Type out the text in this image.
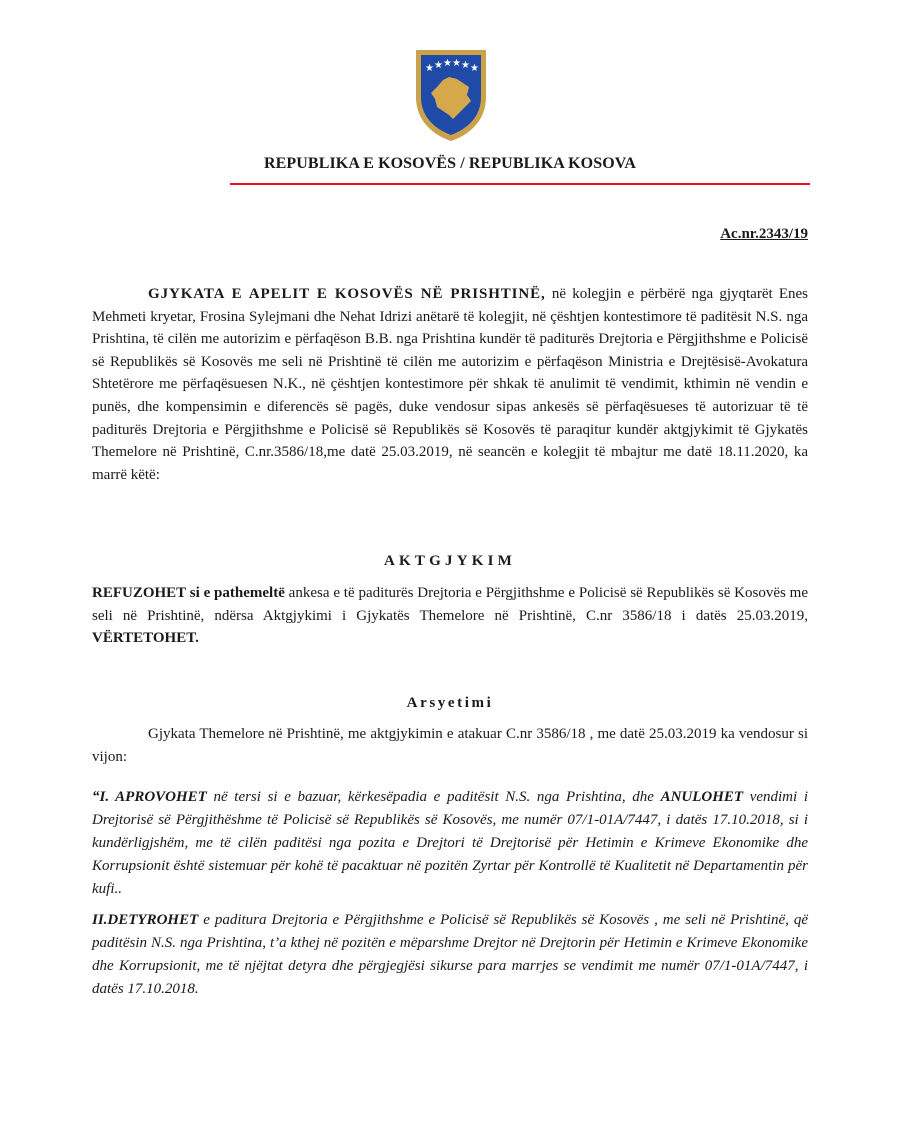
★ ★ ★ ★ ★ ★
REPUBLIKA E KOSOVËS / REPUBLIKA KOSOVA
Ac.nr.2343/19
GJYKATA E APELIT E KOSOVËS NË PRISHTINË, në kolegjin e përbërë nga gjyqtarët Enes Mehmeti kryetar, Frosina Sylejmani dhe Nehat Idrizi anëtarë të kolegjit, në çështjen kontestimore të paditësit N.S. nga Prishtina, të cilën me autorizim e përfaqëson B.B. nga Prishtina kundër të paditurës Drejtoria e Përgjithshme e Policisë së Republikës së Kosovës me seli në Prishtinë të cilën me autorizim e përfaqëson Ministria e Drejtësisë-Avokatura Shtetërore me përfaqësuesen N.K., në çështjen kontestimore për shkak të anulimit të vendimit, kthimin në vendin e punës, dhe kompensimin e diferencës së pagës, duke vendosur sipas ankesës së përfaqësueses të autorizuar të të paditurës Drejtoria e Përgjithshme e Policisë së Republikës së Kosovës të paraqitur kundër aktgjykimit të Gjykatës Themelore në Prishtinë, C.nr.3586/18,me datë 25.03.2019, në seancën e kolegjit të mbajtur me datë 18.11.2020, ka marrë këtë:
AKTGJYKIM
REFUZOHET si e pathemeltë ankesa e të paditurës Drejtoria e Përgjithshme e Policisë së Republikës së Kosovës me seli në Prishtinë, ndërsa Aktgjykimi i Gjykatës Themelore në Prishtinë, C.nr 3586/18 i datës 25.03.2019, VËRTETOHET.
Arsyetimi
Gjykata Themelore në Prishtinë, me aktgjykimin e atakuar C.nr 3586/18 , me datë 25.03.2019 ka vendosur si vijon:
“I. APROVOHET në tersi si e bazuar, kërkesëpadia e paditësit N.S. nga Prishtina, dhe ANULOHET vendimi i Drejtorisë së Përgjithëshme të Policisë së Republikës së Kosovës, me numër 07/1-01A/7447, i datës 17.10.2018, si i kundërligjshëm, me të cilën paditësi nga pozita e Drejtori të Drejtorisë për Hetimin e Krimeve Ekonomike dhe Korrupsionit është sistemuar për kohë të pacaktuar në pozitën Zyrtar për Kontrollë të Kualitetit në Departamentin për kufi..
II.DETYROHET e paditura Drejtoria e Përgjithshme e Policisë së Republikës së Kosovës , me seli në Prishtinë, që paditësin N.S. nga Prishtina, t’a kthej në pozitën e mëparshme Drejtor në Drejtorin për Hetimin e Krimeve Ekonomike dhe Korrupsionit, me të njëjtat detyra dhe përgjegjësi sikurse para marrjes se vendimit me numër 07/1-01A/7447, i datës 17.10.2018.
